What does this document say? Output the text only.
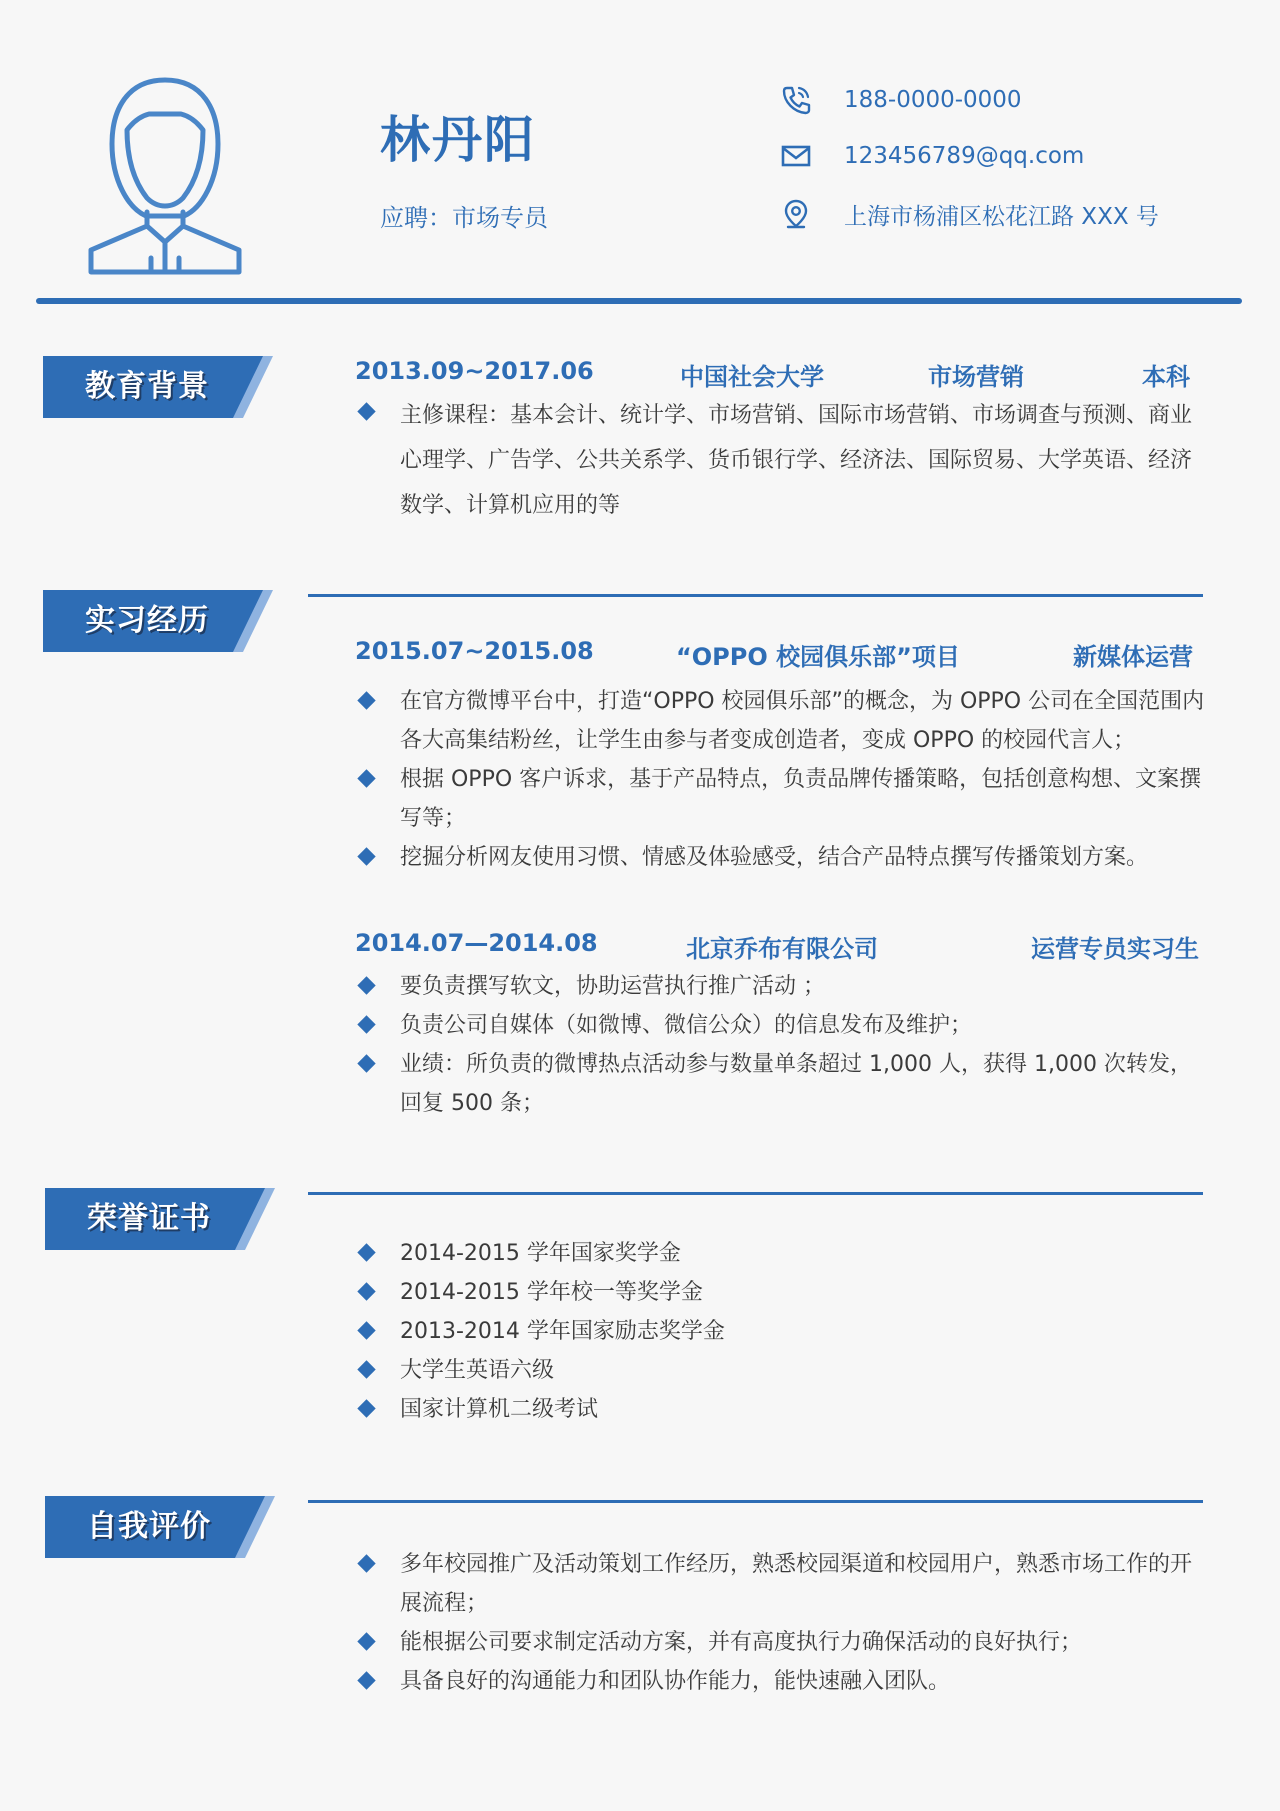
林丹阳
应聘：市场专员
188-0000-0000
123456789@qq.com
上海市杨浦区松花江路 XXX 号
教育背景	2013.09~2017.06	中国社会大学	市场营销	本科
主修课程：基本会计、统计学、市场营销、国际市场营销、市场调查与预测、商业心理学、广告学、公共关系学、货币银行学、经济法、国际贸易、大学英语、经济数学、计算机应用的等
实习经历
2015.07~2015.08	“OPPO 校园俱乐部”项目	新媒体运营
在官方微博平台中，打造“OPPO 校园俱乐部”的概念，为 OPPO 公司在全国范围内各大高集结粉丝，让学生由参与者变成创造者，变成 OPPO 的校园代言人；
根据 OPPO 客户诉求，基于产品特点，负责品牌传播策略，包括创意构想、文案撰写等；
挖掘分析网友使用习惯、情感及体验感受，结合产品特点撰写传播策划方案。
2014.07—2014.08	北京乔布有限公司	运营专员实习生
要负责撰写软文，协助运营执行推广活动 ；
负责公司自媒体（如微博、微信公众）的信息发布及维护；
业绩：所负责的微博热点活动参与数量单条超过 1,000 人，获得 1,000 次转发，回复 500 条；
荣誉证书
2014-2015 学年国家奖学金
2014-2015 学年校一等奖学金
2013-2014 学年国家励志奖学金
大学生英语六级
国家计算机二级考试
自我评价
多年校园推广及活动策划工作经历，熟悉校园渠道和校园用户，熟悉市场工作的开展流程；
能根据公司要求制定活动方案，并有高度执行力确保活动的良好执行；
具备良好的沟通能力和团队协作能力，能快速融入团队。
